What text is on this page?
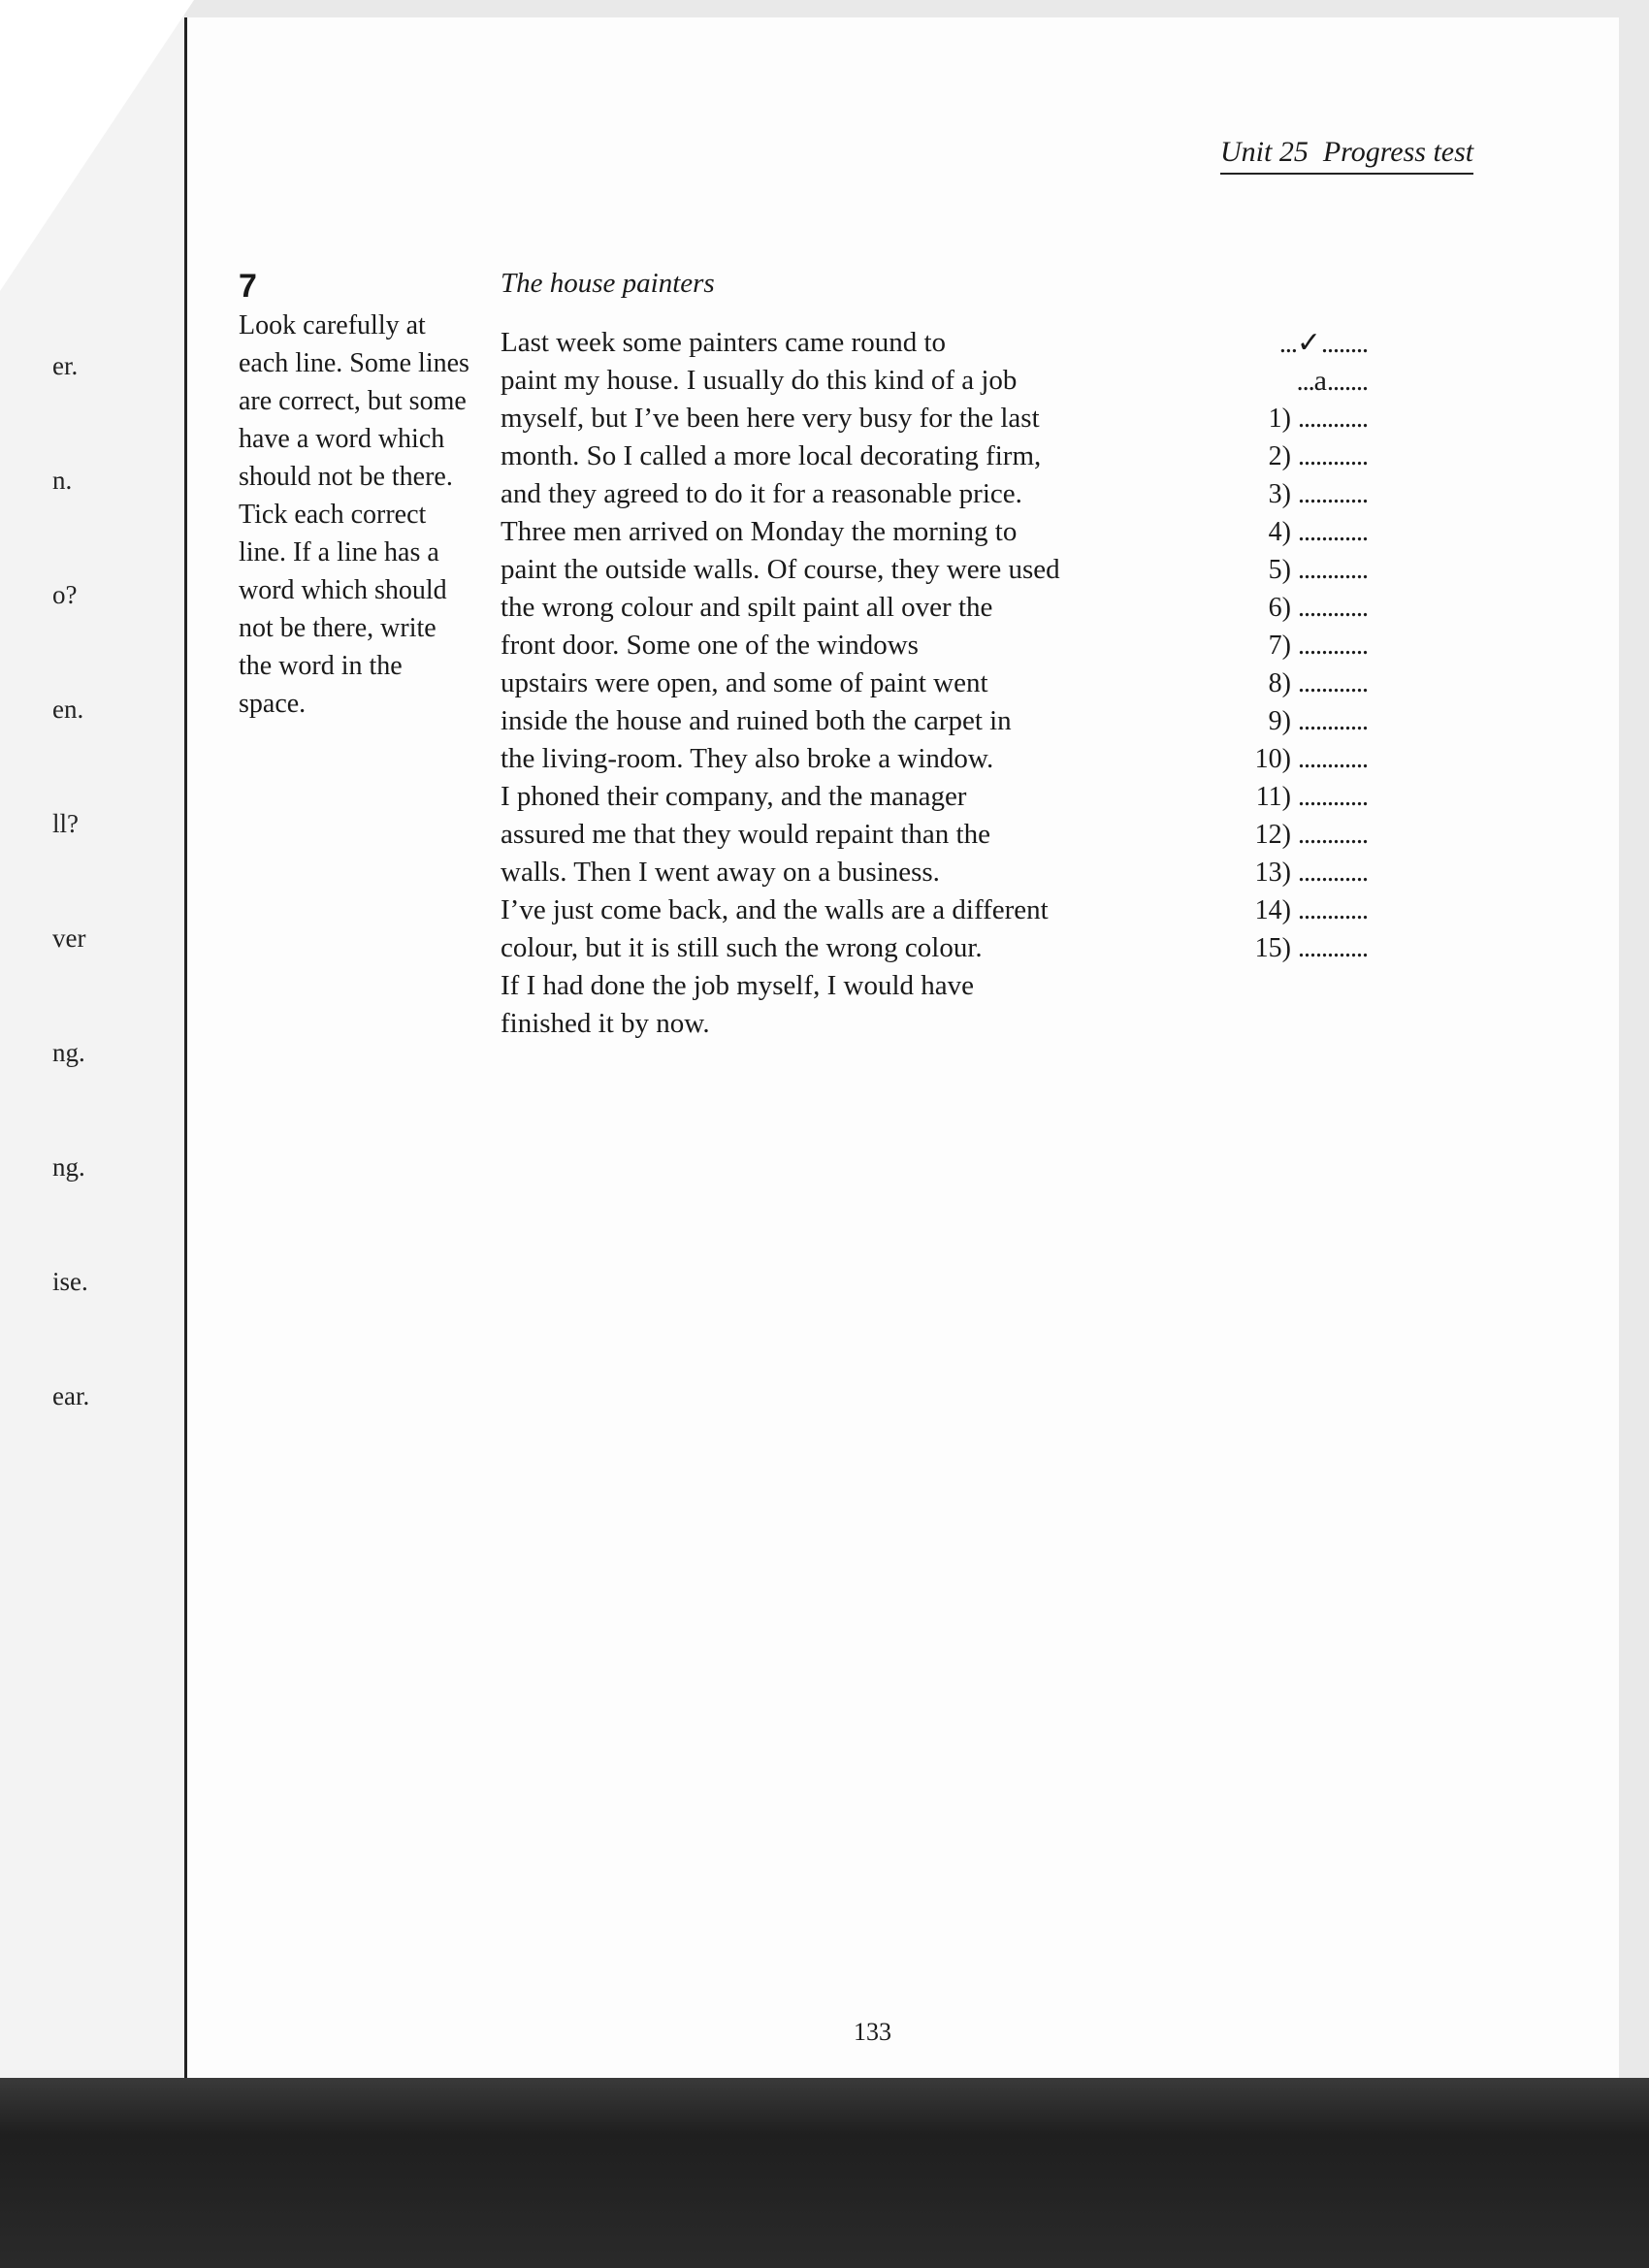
er.
n.
o?
en.
ll?
ver
ng.
ng.
ise.
ear.
Unit 25 Progress test
7
Look carefully at each line. Some lines are correct, but some have a word which should not be there. Tick each correct line. If a line has a word which should not be there, write the word in the space.
The house painters
Last week some painters came round to
paint my house. I usually do this kind of a job
myself, but I’ve been here very busy for the last
month. So I called a more local decorating firm,
and they agreed to do it for a reasonable price.
Three men arrived on Monday the morning to
paint the outside walls. Of course, they were used
the wrong colour and spilt paint all over the
front door. Some one of the windows
upstairs were open, and some of paint went
inside the house and ruined both the carpet in
the living-room. They also broke a window.
I phoned their company, and the manager
assured me that they would repaint than the
walls. Then I went away on a business.
I’ve just come back, and the walls are a different
colour, but it is still such the wrong colour.
If I had done the job myself, I would have
finished it by now.
...✓........
...a.......
1) ............
2) ............
3) ............
4) ............
5) ............
6) ............
7) ............
8) ............
9) ............
10) ............
11) ............
12) ............
13) ............
14) ............
15) ............
133
